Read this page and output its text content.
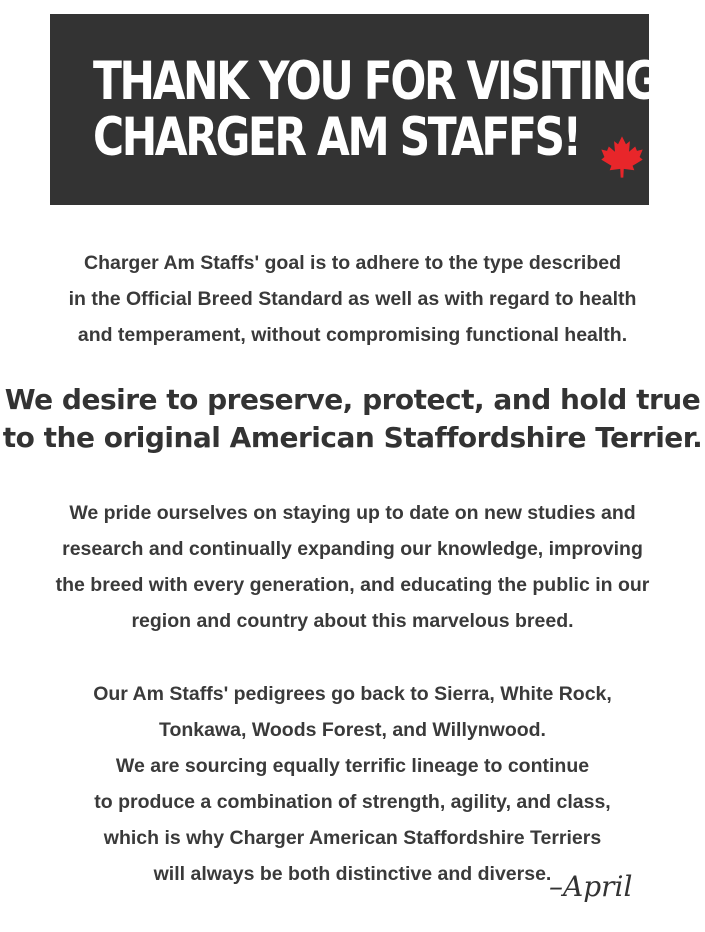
THANK YOU FOR VISITING
CHARGER AM STAFFS!

Charger Am Staffs' goal is to adhere to the type described
in the Official Breed Standard as well as with regard to health
and temperament, without compromising functional health.

We desire to preserve, protect, and hold true
to the original American Staffordshire Terrier.

We pride ourselves on staying up to date on new studies and
research and continually expanding our knowledge, improving
the breed with every generation, and educating the public in our
region and country about this marvelous breed.

Our Am Staffs' pedigrees go back to Sierra, White Rock,
Tonkawa, Woods Forest, and Willynwood.
We are sourcing equally terrific lineage to continue
to produce a combination of strength, agility, and class,
which is why Charger American Staffordshire Terriers
will always be both distinctive and diverse.

–April
